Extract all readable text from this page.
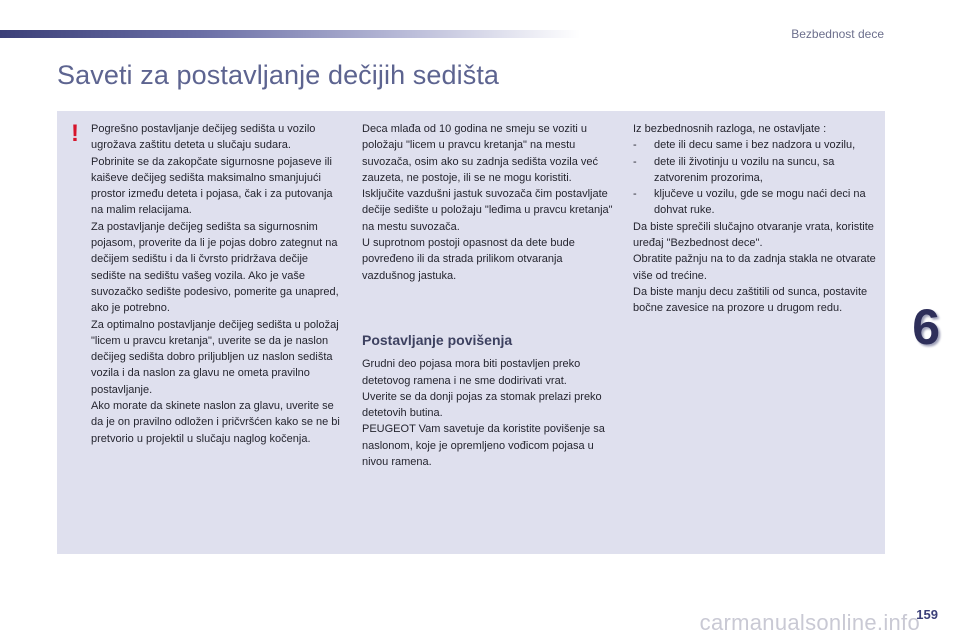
Bezbednost dece
Saveti za postavljanje dečijih sedišta
! Pogrešno postavljanje dečijeg sedišta u vozilo ugrožava zaštitu deteta u slučaju sudara.

Pobrinite se da zakopčate sigurnosne pojaseve ili kaiševe dečijeg sedišta maksimalno smanjujući prostor između deteta i pojasa, čak i za putovanja na malim relacijama.

Za postavljanje dečijeg sedišta sa sigurnosnim pojasom, proverite da li je pojas dobro zategnut na dečijem sedištu i da li čvrsto pridržava dečije sedište na sedištu vašeg vozila. Ako je vaše suvozačko sedište podesivo, pomerite ga unapred, ako je potrebno.

Za optimalno postavljanje dečijeg sedišta u položaj "licem u pravcu kretanja", uverite se da je naslon dečijeg sedišta dobro priljubljen uz naslon sedišta vozila i da naslon za glavu ne ometa pravilno postavljanje.

Ako morate da skinete naslon za glavu, uverite se da je on pravilno odložen i pričvršćen kako se ne bi pretvorio u projektil u slučaju naglog kočenja.

Deca mlađa od 10 godina ne smeju se voziti u položaju "licem u pravcu kretanja" na mestu suvozača, osim ako su zadnja sedišta vozila već zauzeta, ne postoje, ili se ne mogu koristiti.

Isključite vazdušni jastuk suvozača čim postavljate dečije sedište u položaju "leđima u pravcu kretanja" na mestu suvozača.

U suprotnom postoji opasnost da dete bude povređeno ili da strada prilikom otvaranja vazdušnog jastuka.

Postavljanje povišenja

Grudni deo pojasa mora biti postavljen preko detetovog ramena i ne sme dodirivati vrat.

Uverite se da donji pojas za stomak prelazi preko detetovih butina.

PEUGEOT Vam savetuje da koristite povišenje sa naslonom, koje je opremljeno vođicom pojasa u nivou ramena.

Iz bezbednosnih razloga, ne ostavljate :

- dete ili decu same i bez nadzora u vozilu,
- dete ili životinju u vozilu na suncu, sa zatvorenim prozorima,
- ključeve u vozilu, gde se mogu naći deci na dohvat ruke.

Da biste sprečili slučajno otvaranje vrata, koristite uređaj "Bezbednost dece".

Obratite pažnju na to da zadnja stakla ne otvarate više od trećine.

Da biste manju decu zaštitili od sunca, postavite bočne zavesice na prozore u drugom redu.	6
159
carmanualsonline.info
